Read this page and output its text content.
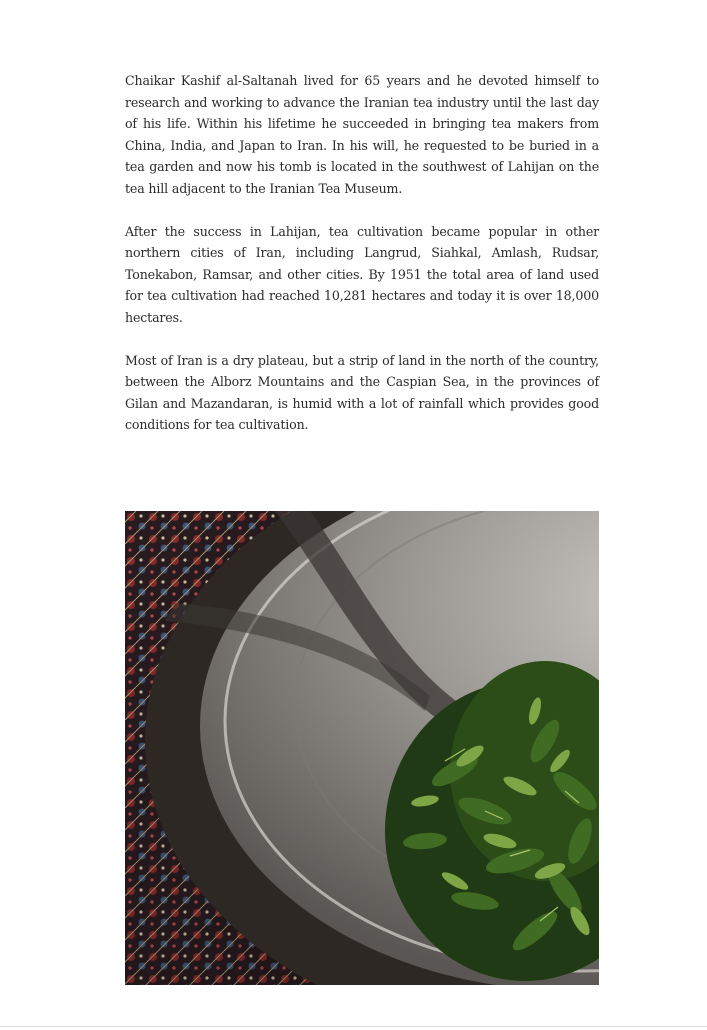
Chaikar Kashif al-Saltanah lived for 65 years and he devoted himself to research and working to advance the Iranian tea industry until the last day of his life. Within his lifetime he succeeded in bringing tea makers from China, India, and Japan to Iran. In his will, he requested to be buried in a tea garden and now his tomb is located in the southwest of Lahijan on the tea hill adjacent to the Iranian Tea Museum.

After the success in Lahijan, tea cultivation became popular in other northern cities of Iran, including Langrud, Siahkal, Amlash, Rudsar, Tonekabon, Ramsar, and other cities. By 1951 the total area of land used for tea cultivation had reached 10,281 hectares and today it is over 18,000 hectares.

Most of Iran is a dry plateau, but a strip of land in the north of the country, between the Alborz Mountains and the Caspian Sea, in the provinces of Gilan and Mazandaran, is humid with a lot of rainfall which provides good conditions for tea cultivation.
